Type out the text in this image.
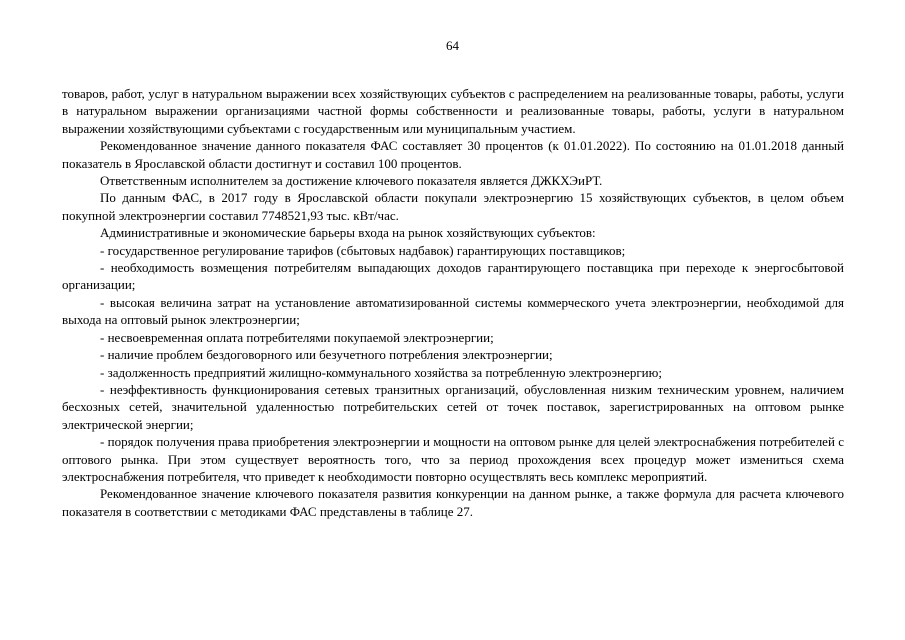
64

товаров, работ, услуг в натуральном выражении всех хозяйствующих субъектов с распределением на реализованные товары, работы, услуги в натуральном выражении организациями частной формы собственности и реализованные товары, работы, услуги в натуральном выражении хозяйствующими субъектами с государственным или муниципальным участием.

Рекомендованное значение данного показателя ФАС составляет 30 процентов (к 01.01.2022). По состоянию на 01.01.2018 данный показатель в Ярославской области достигнут и составил 100 процентов.

Ответственным исполнителем за достижение ключевого показателя является ДЖКХЭиРТ.

По данным ФАС, в 2017 году в Ярославской области покупали электроэнергию 15 хозяйствующих субъектов, в целом объем покупной электроэнергии составил 7748521,93 тыс. кВт/час.

Административные и экономические барьеры входа на рынок хозяйствующих субъектов:

- государственное регулирование тарифов (сбытовых надбавок) гарантирующих поставщиков;

- необходимость возмещения потребителям выпадающих доходов гарантирующего поставщика при переходе к энергосбытовой организации;

- высокая величина затрат на установление автоматизированной системы коммерческого учета электроэнергии, необходимой для выхода на оптовый рынок электроэнергии;

- несвоевременная оплата потребителями покупаемой электроэнергии;

- наличие проблем бездоговорного или безучетного потребления электроэнергии;

- задолженность предприятий жилищно-коммунального хозяйства за потребленную электроэнергию;

- неэффективность функционирования сетевых транзитных организаций, обусловленная низким техническим уровнем, наличием бесхозных сетей, значительной удаленностью потребительских сетей от точек поставок, зарегистрированных на оптовом рынке электрической энергии;

- порядок получения права приобретения электроэнергии и мощности на оптовом рынке для целей электроснабжения потребителей с оптового рынка. При этом существует вероятность того, что за период прохождения всех процедур может измениться схема электроснабжения потребителя, что приведет к необходимости повторно осуществлять весь комплекс мероприятий.

Рекомендованное значение ключевого показателя развития конкуренции на данном рынке, а также формула для расчета ключевого показателя в соответствии с методиками ФАС представлены в таблице 27.
